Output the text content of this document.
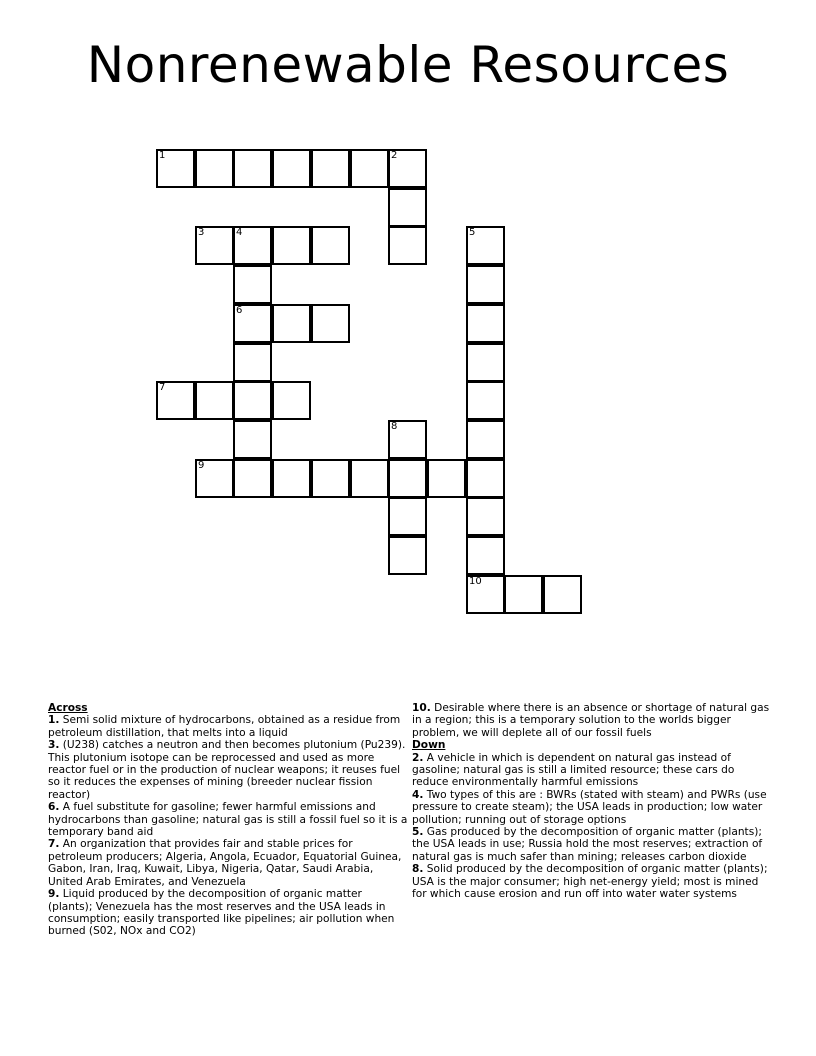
Nonrenewable Resources
1	2
3	4	5
6
7
8
9
10
Across
1. Semi solid mixture of hydrocarbons, obtained as a residue from petroleum distillation, that melts into a liquid
3. (U238) catches a neutron and then becomes plutonium (Pu239). This plutonium isotope can be reprocessed and used as more reactor fuel or in the production of nuclear weapons; it reuses fuel so it reduces the expenses of mining (breeder nuclear fission reactor)
6. A fuel substitute for gasoline; fewer harmful emissions and hydrocarbons than gasoline; natural gas is still a fossil fuel so it is a temporary band aid
7. An organization that provides fair and stable prices for petroleum producers; Algeria, Angola, Ecuador, Equatorial Guinea, Gabon, Iran, Iraq, Kuwait, Libya, Nigeria, Qatar, Saudi Arabia, United Arab Emirates, and Venezuela
9. Liquid produced by the decomposition of organic matter (plants); Venezuela has the most reserves and the USA leads in consumption; easily transported like pipelines; air pollution when burned (S02, NOx and CO2)
10. Desirable where there is an absence or shortage of natural gas in a region; this is a temporary solution to the worlds bigger problem, we will deplete all of our fossil fuels
Down
2. A vehicle in which is dependent on natural gas instead of gasoline; natural gas is still a limited resource; these cars do reduce environmentally harmful emissions
4. Two types of this are : BWRs (stated with steam) and PWRs (use pressure to create steam); the USA leads in production; low water pollution; running out of storage options
5. Gas produced by the decomposition of organic matter (plants); the USA leads in use; Russia hold the most reserves; extraction of natural gas is much safer than mining; releases carbon dioxide
8. Solid produced by the decomposition of organic matter (plants); USA is the major consumer; high net-energy yield; most is mined for which cause erosion and run off into water water systems
